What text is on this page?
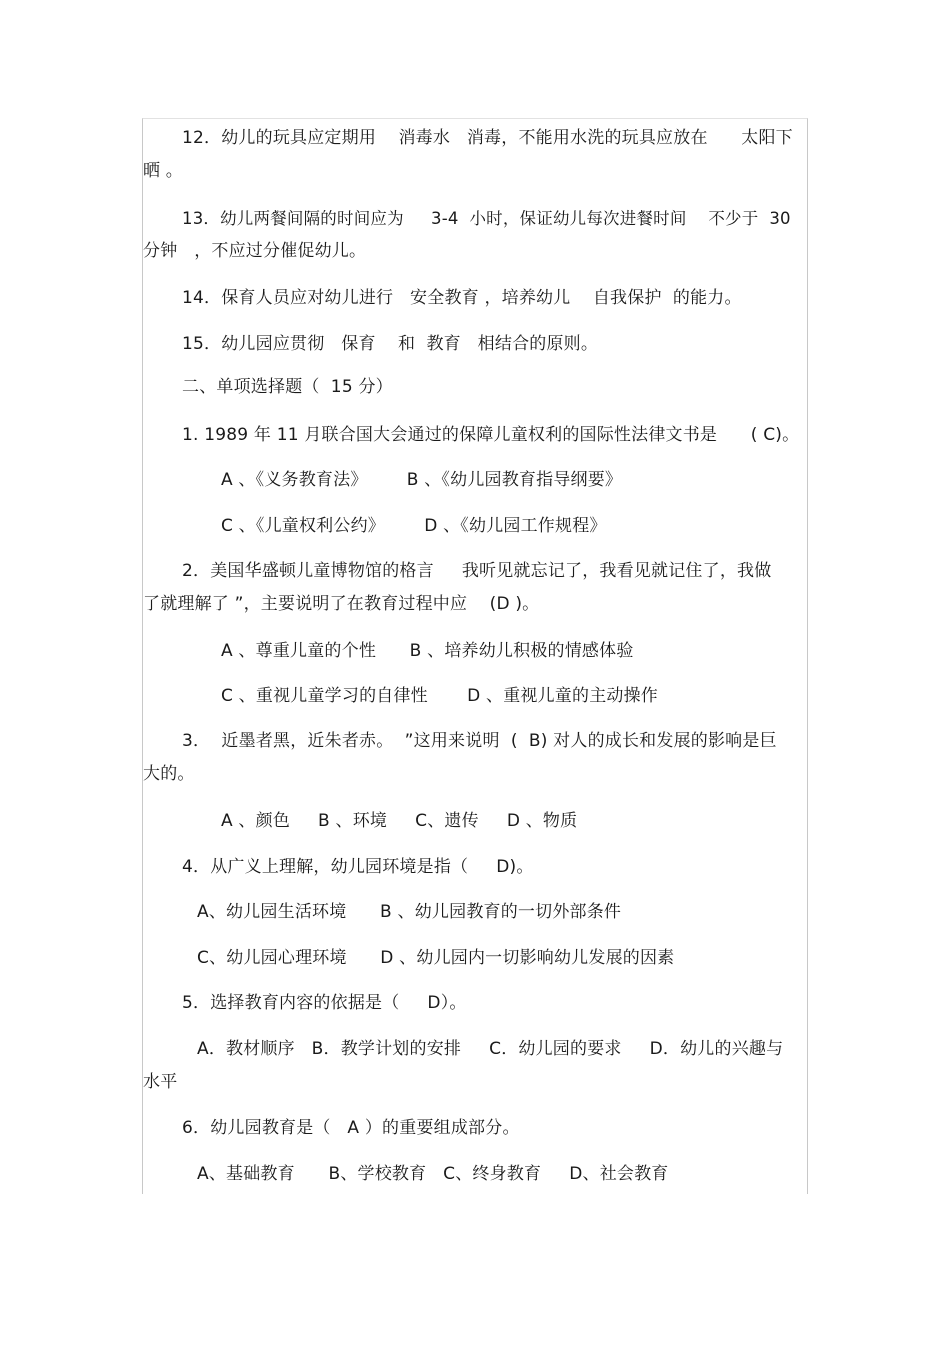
12．幼儿的玩具应定期用    消毒水   消毒，不能用水洗的玩具应放在      太阳下
晒 。
13．幼儿两餐间隔的时间应为     3-4  小时，保证幼儿每次进餐时间    不少于  30
分钟   ，不应过分催促幼儿。
14．保育人员应对幼儿进行   安全教育 ，培养幼儿    自我保护  的能力。
15．幼儿园应贯彻   保育    和  教育   相结合的原则。
二、单项选择题（  15 分）
1. 1989 年 11 月联合国大会通过的保障儿童权利的国际性法律文书是      ( C)。
A 、《义务教育法》       B 、《幼儿园教育指导纲要》
C 、《儿童权利公约》       D 、《幼儿园工作规程》
2．美国华盛顿儿童博物馆的格言     我听见就忘记了，我看见就记住了，我做
了就理解了 ”，主要说明了在教育过程中应    (D )。
A 、尊重儿童的个性      B 、培养幼儿积极的情感体验
C 、重视儿童学习的自律性       D 、重视儿童的主动操作
3．  近墨者黑，近朱者赤。  ”这用来说明  (  B) 对人的成长和发展的影响是巨
大的。
A 、颜色     B 、环境     C、遗传     D 、物质
4．从广义上理解，幼儿园环境是指（     D)。
A、幼儿园生活环境      B 、幼儿园教育的一切外部条件
C、幼儿园心理环境      D 、幼儿园内一切影响幼儿发展的因素
5．选择教育内容的依据是（     D）。
A．教材顺序   B．教学计划的安排     C．幼儿园的要求     D．幼儿的兴趣与
水平
6．幼儿园教育是（   A ）的重要组成部分。
A、基础教育      B、学校教育   C、终身教育     D、社会教育
